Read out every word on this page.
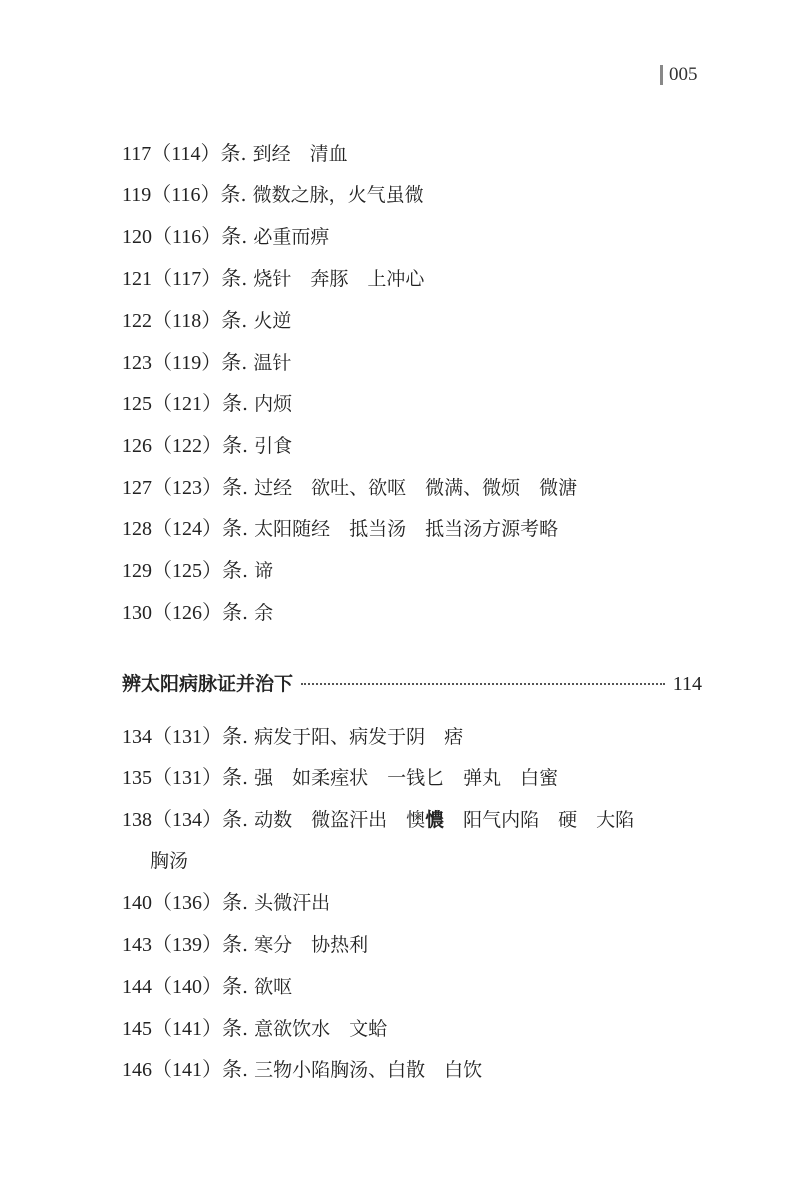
005
117（114）条. 到经　清血
119（116）条. 微数之脉，火气虽微
120（116）条. 必重而痹
121（117）条. 烧针　奔豚　上冲心
122（118）条. 火逆
123（119）条. 温针
125（121）条. 内烦
126（122）条. 引食
127（123）条. 过经　欲吐、欲呕　微满、微烦　微溏
128（124）条. 太阳随经　抵当汤　抵当汤方源考略
129（125）条. 谛
130（126）条. 余
辨太阳病脉证并治下	114
134（131）条. 病发于阳、病发于阴　痞
135（131）条. 强　如柔痓状　一钱匕　弹丸　白蜜
138（134）条. 动数　微盗汗出　懊憹　阳气内陷　硬　大陷
胸汤
140（136）条. 头微汗出
143（139）条. 寒分　协热利
144（140）条. 欲呕
145（141）条. 意欲饮水　文蛤
146（141）条. 三物小陷胸汤、白散　白饮
